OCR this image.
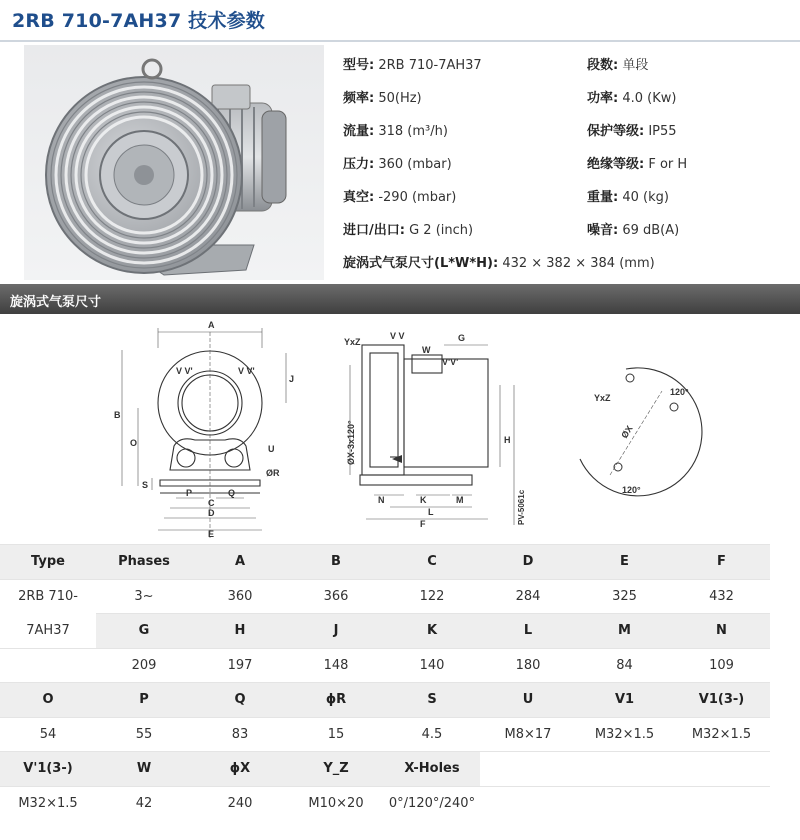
2RB 710-7AH37 技术参数
型号: 2RB 710-7AH37	段数: 单段
频率: 50(Hz)	功率: 4.0 (Kw)
流量: 318 (m³/h)	保护等级: IP55
压力: 360 (mbar)	绝缘等级: F or H
真空: -290 (mbar)	重量: 40 (kg)
进口/出口: G 2 (inch)	噪音: 69 dB(A)
旋涡式气泵尺寸(L*W*H): 432 × 382 × 384 (mm)
旋涡式气泵尺寸
A
B
O
S
J
V V'	V V'
U
ØR
P	Q
C
D
E
YxZ
V V
W
G
V'V'
ØX-3x120°	H
N	K	M
L
F	PV-5061c
YxZ
ØX
120°
120°
Type	Phases	A	B	C	D	E	F
2RB 710-	3~	360	366	122	284	325	432
7AH37	G	H	J	K	L	M	N
	209	197	148	140	180	84	109
O	P	Q	ϕR	S	U	V1	V1(3-)
54	55	83	15	4.5	M8×17	M32×1.5	M32×1.5
V'1(3-)	W	ϕX	Y_Z	X-Holes			
M32×1.5	42	240	M10×20	0°/120°/240°			
